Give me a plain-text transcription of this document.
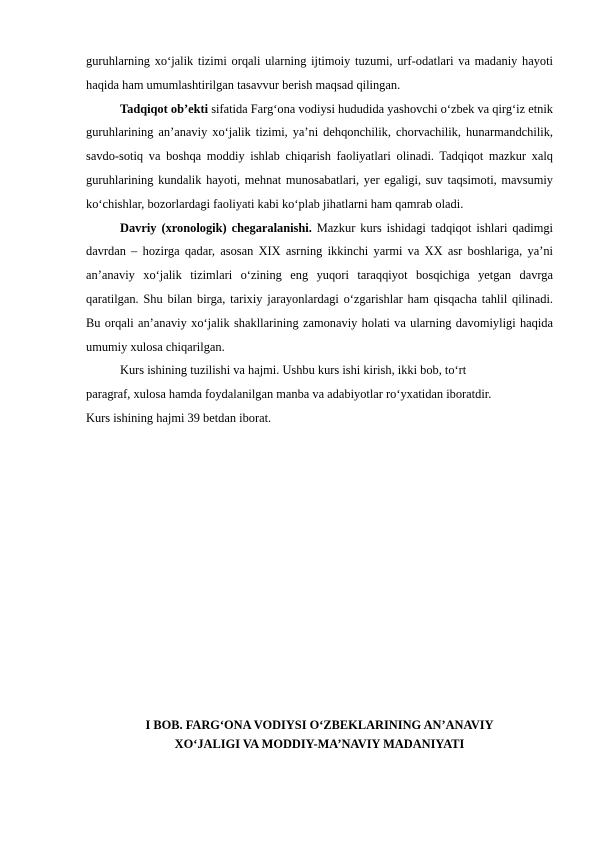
guruhlarning xo‘jalik tizimi orqali ularning ijtimoiy tuzumi, urf-odatlari va madaniy hayoti haqida ham umumlashtirilgan tasavvur berish maqsad qilingan.

Tadqiqot ob’ekti sifatida Farg‘ona vodiysi hududida yashovchi o‘zbek va qirg‘iz etnik guruhlarining an’anaviy xo‘jalik tizimi, ya’ni dehqonchilik, chorvachilik, hunarmandchilik, savdo-sotiq va boshqa moddiy ishlab chiqarish faoliyatlari olinadi. Tadqiqot mazkur xalq guruhlarining kundalik hayoti, mehnat munosabatlari, yer egaligi, suv taqsimoti, mavsumiy ko‘chishlar, bozorlardagi faoliyati kabi ko‘plab jihatlarni ham qamrab oladi.

Davriy (xronologik) chegaralanishi. Mazkur kurs ishidagi tadqiqot ishlari qadimgi davrdan – hozirga qadar, asosan XIX asrning ikkinchi yarmi va XX asr boshlariga, ya’ni an’anaviy xo‘jalik tizimlari o‘zining eng yuqori taraqqiyot bosqichiga yetgan davrga qaratilgan. Shu bilan birga, tarixiy jarayonlardagi o‘zgarishlar ham qisqacha tahlil qilinadi. Bu orqali an’anaviy xo‘jalik shakllarining zamonaviy holati va ularning davomiyligi haqida umumiy xulosa chiqarilgan.

Kurs ishining tuzilishi va hajmi. Ushbu kurs ishi kirish, ikki bob, to‘rt
paragraf, xulosa hamda foydalanilgan manba va adabiyotlar ro‘yxatidan iboratdir.
Kurs ishining hajmi 39 betdan iborat.
I BOB. FARG‘ONA VODIYSI O‘ZBEKLARINING AN’ANAVIY
XO‘JALIGI VA MODDIY-MA’NAVIY MADANIYATI
